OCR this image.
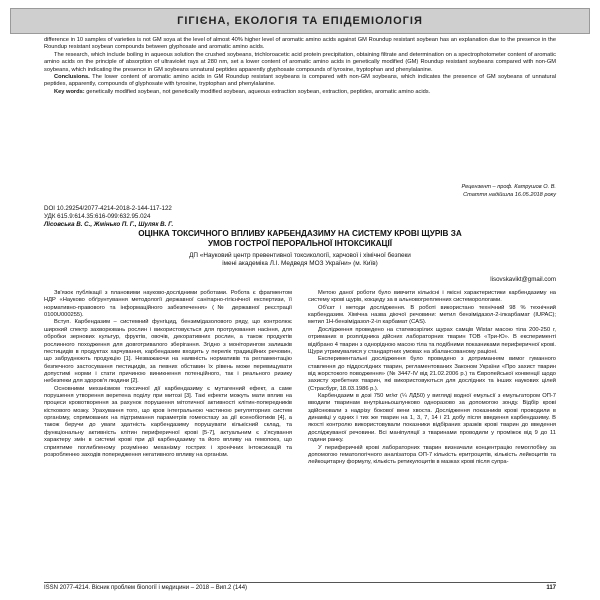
ГІГІЄНА, ЕКОЛОГІЯ ТА ЕПІДЕМІОЛОГІЯ

difference in 10 samples of varieties is not GM soya at the level of almost 40% higher level of aromatic amino acids against GM Roundup resistant soybean has an explanation due to the presence in the Roundup resistant soybean compounds between glyphosate and aromatic amino acids.

The research, which include boiling in aqueous solution the crushed soybeans, trichloroacetic acid protein precipitation, obtaining filtrate and determination on a spectrophotometer content of aromatic amino acids on the principle of absorption of ultraviolet rays at 280 nm, set a lower content of aromatic amino acids in genetically modified (GM) Roundup resistant soybeans compared with non-GM soybeans, which indicating the presence in GM soybeans unnatural peptides apparently glyphosate compounds of tyrosine, tryptophan and phenylalanine.

Conclusions. The lower content of aromatic amino acids in GM Roundup resistant soybeans is compared with non-GM soybeans, which indicates the presence of GM soybeans of unnatural peptides, apparently, compounds of glyphosate with tyrosine, tryptophan and phenylalanine.

Key words: genetically modified soybean, not genetically modified soybean, aqueous extraction soybean, extraction, peptides, aromatic amino acids.

Рецензент – проф. Катрушов О. В.
Стаття надійшла 16.05.2018 року
DOI 10.29254/2077-4214-2018-2-144-117-122
УДК 615.9:614.35:616-099:632.95.024
Лісовська В. С., Жмінько П. Г., Шуляк В. Г.
ОЦІНКА ТОКСИЧНОГО ВПЛИВУ КАРБЕНДАЗИМУ НА СИСТЕМУ КРОВІ ЩУРІВ ЗА
УМОВ ГОСТРОЇ ПЕРОРАЛЬНОЇ ІНТОКСИКАЦІЇ
ДП «Науковий центр превентивної токсикології, харчової і хімічної безпеки
імені академіка Л.І. Медведя МОЗ України» (м. Київ)
lisovskavikt@gmail.com

Зв'язок публікації з плановими науково-дослідними роботами. Робота є фрагментом НДР «Науково обґрунтування методології державної санітарно-гігієнічної експертизи, її нормативно-правового та інформаційного забезпечення» (№ державної реєстрації 0100U000255).

Вступ. Карбендазим – системний фунгіцид, бензимідазолового ряду, що контролює широкий спектр захворювань рослин і використовується для протруювання насіння, для обробки зернових культур, фруктів, овочів, декоративних рослин, а також продуктів рослинного походження для довготривалого зберігання. Згідно з моніторингом залишків пестицидів в продуктах харчування, карбендазим входить у перелік традиційних речовин, що забруднюють продукцію [1]. Незважаючи на наявність нормативів та регламентацію безпечного застосування пестицидів, за певних обставин їх рівень може перевищувати допустимі норми і стати причиною виникнення потенційного, так і реального ризику небезпеки для здоров'я людини [2].

Основними механізмом токсичної дії карбендазиму є мутагенний ефект, а саме порушення утворення веретена поділу при митозі [3]. Такі ефекти можуть мати вплив на процеси кровотворення за рахунок порушення мітотичної активності клітин-попередників кісткового мозку. Урахування того, що кров інтегральною частиною регуляторних систем організму, спрямованих на підтримання параметрів гомеостазу за дії ксенобіотиків [4], а також беручи до уваги здатність карбендазиму порушувати кількісний склад, та функціональну активність клітин периферичної крові [5-7], актуальним є з'ясування характеру змін в системі крові при дії карбендазиму та його впливу на гемопоез, що сприятиме поглибленому розумінню механізму гострих і хронічних інтоксикацій та розробленню заходів попередження негативного впливу на організм.

Метою даної роботи було вивчити кількісні і якісні характеристики карбендазиму на систему крові щурів, кокцеду за в альновогрепленних системорологами.

Об'єкт і методи дослідження. В роботі використано технічний 98 % технічний карбендазим. Хімічна назва діючої речовини: метил бензімідазол-2-ілкарбамат (IUPAC); метил 1Н-бензімідазол-2-іл карбамат (CAS).

Дослідження проведено на статевозрілих щурах самців Wistar масою тіла 200-250 г, отриманих в розплідника дійсних лабораторних тварин ТОВ «Три-Ю». В експерименті відібрано 4 тварин з однорідною масою тіла та подібними показниками периферичної крові. Щури утримувалися у стандартних умовах на збалансованому раціоні.

Експериментальні дослідження було проведено з дотриманням вимог гуманного ставлення до піддослідних тварин, регламентованих Законом України «Про захист тварин від жорстокого поводження» (№ 3447-IV від 21.02.2006 р.) та Європейської конвенції щодо захисту хребетних тварин, які використовуються для дослідних та інших наукових цілей (Страсбург, 18.03.1986 р.).

Карбендазим в дозі 750 мг/кг (¼ ЛД50) у вигляді водної емульсії з емульгатором ОП-7 вводили тваринам внутрішньошлунково одноразово за допомогою зонду. Відбір крові здійснювали з надрізу бокової вени хвоста. Дослідження показників крові проводили в динаміці у одних і тих же тварин на 1, 3, 7, 14 і 21 добу після введення карбендазиму. В якості контролю використовували показники відбіраних зразків крові тварин до введення досліджуваної речовини. Всі маніпуляції з тваринами проводили у проміжок від 9 до 11 години ранку.

У периферичній крові лабораторних тварин визначали концентрацію гемоглобіну за допомогою гематологічного аналізатора ОП-7 кількість еритроцитів, кількість лейкоцитів та лейкоцитарну формулу, кількість ретикулоцитів в мазках крові після супра-

ISSN 2077-4214. Вісник проблем біології і медицини – 2018 – Вип.2 (144)	117
